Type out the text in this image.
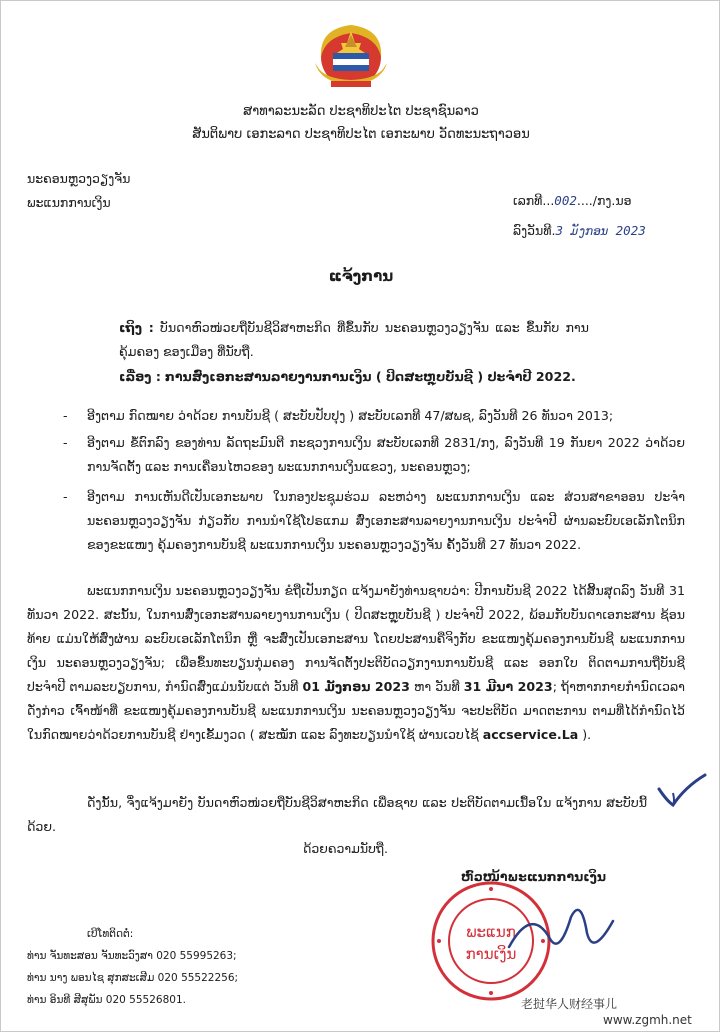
ສາທາລະນະລັດ ປະຊາທິປະໄຕ ປະຊາຊົນລາວ
ສັນຕິພາບ ເອກະລາດ ປະຊາທິປະໄຕ ເອກະພາບ ວັດທະນະຖາວອນ
ນະຄອນຫຼວງວຽງຈັນ
ພະແນກການເງິນ	ເລກທີ...002..../ກງ.ນອ
ລົງວັນທີ.3 ມັງກອນ 2023
ແຈ້ງການ
ເຖິງ : ບັນດາຫົວໜ່ວຍຖືບັນຊີວິສາຫະກິດ ທີ່ຂຶ້ນກັບ ນະຄອນຫຼວງວຽງຈັນ ແລະ ຂຶ້ນກັບ ການຄຸ້ມຄອງ ຂອງເມືອງ ທີ່ນັບຖື.
ເລື່ອງ : ການສົ່ງເອກະສານລາຍງານການເງິນ ( ປິດສະຫຼຸບບັນຊີ ) ປະຈຳປີ 2022.
-	ອີງຕາມ ກົດໝາຍ ວ່າດ້ວຍ ການບັນຊີ ( ສະບັບປັບປຸງ ) ສະບັບເລກທີ 47/ສພຊ, ລົງວັນທີ 26 ທັນວາ 2013;
-	ອີງຕາມ ຂໍ້ຕົກລົງ ຂອງທ່ານ ລັດຖະມົນຕີ ກະຊວງການເງິນ ສະບັບເລກທີ 2831/ກງ, ລົງວັນທີ 19 ກັນຍາ 2022 ວ່າດ້ວຍ ການຈັດຕັ້ງ ແລະ ການເຄື່ອນໄຫວຂອງ ພະແນກການເງິນແຂວງ, ນະຄອນຫຼວງ;
-	ອີງຕາມ ການເຫັນດີເປັນເອກະພາບ ໃນກອງປະຊຸມຮ່ວມ ລະຫວ່າງ ພະແນກການເງິນ ແລະ ສ່ວນສາຂາອອນ ປະຈຳ ນະຄອນຫຼວງວຽງຈັນ ກ່ຽວກັບ ການນຳໃຊ້ໂປຣແກມ ສົ່ງເອກະສານລາຍງານການເງິນ ປະຈຳປີ ຜ່ານລະບົບເອເລັກໂຕນິກ ຂອງຂະແໜງ ຄຸ້ມຄອງການບັນຊີ ພະແນກການເງິນ ນະຄອນຫຼວງວຽງຈັນ ຄັ້ງວັນທີ 27 ທັນວາ 2022.
ພະແນກການເງິນ ນະຄອນຫຼວງວຽງຈັນ ຂໍຖືເປັນກຽດ ແຈ້ງມາຍັງທ່ານຊາບວ່າ: ປີການບັນຊີ 2022 ໄດ້ສິ້ນສຸດລົງ ວັນທີ 31 ທັນວາ 2022. ສະນັ້ນ, ໃນການສົ່ງເອກະສານລາຍງານການເງິນ ( ປິດສະຫຼຸບບັນຊີ ) ປະຈຳປີ 2022, ພ້ອມກັບບັນດາເອກະສານ ຊ້ອນທ້າຍ ແມ່ນໃຫ້ສົ່ງຜ່ານ ລະບົບເອເລັກໂຕນິກ ຫຼື ຈະສົ່ງເປັນເອກະສານ ໂດຍປະສານຄືຈິງກັບ ຂະແໜງຄຸ້ມຄອງການບັນຊີ ພະແນກການເງິນ ນະຄອນຫຼວງວຽງຈັນ; ເພື່ອຂຶ້ນທະບຽນກຸ່ມຄອງ ການຈັດຕັ້ງປະຕິບັດວຽກງານການບັນຊີ ແລະ ອອກໃບ ຕິດຕາມການຖືບັນຊີ ປະຈຳປີ ຕາມລະບຽບການ, ກຳນົດສົ່ງແມ່ນນັບແຕ່ ວັນທີ 01 ມັງກອນ 2023 ຫາ ວັນທີ 31 ມີນາ 2023; ຖ້າຫາກກາຍກຳນົດເວລາດັ່ງກ່າວ ເຈົ້າໜ້າທີ່ ຂະແໜງຄຸ້ມຄອງການບັນຊີ ພະແນກການເງິນ ນະຄອນຫຼວງວຽງຈັນ ຈະປະຕິບັດ ມາດຕະການ ຕາມທີ່ໄດ້ກຳນົດໄວ້ ໃນກົດໝາຍວ່າດ້ວຍການບັນຊີ ຢ່າງເຂັ້ມງວດ ( ສະໝັກ ແລະ ລົງທະບຽນນຳໃຊ້ ຜ່ານເວບໄຊ້ accservice.La ).
ດັ່ງນັ້ນ, ຈຶ່ງແຈ້ງມາຍັງ ບັນດາຫົວໜ່ວຍຖືບັນຊີວິສາຫະກິດ ເພື່ອຊາບ ແລະ ປະຕິບັດຕາມເນື້ອໃນ ແຈ້ງການ ສະບັບນີ້ດ້ວຍ.
ດ້ວຍຄວາມນັບຖື.
ຫົວໜ້າພະແນກການເງິນ
ພະແນກ
ການເງິນ
ເບີໂທຕິດຕໍ່:
ທ່ານ ຈັນທະສອນ ຈັນທະວົງສາ 020 55995263;
ທ່ານ ນາງ ພອນໄຊ ສຸກສະເສີມ 020 55522256;
ທ່ານ ອິນທີ ສີສຸພັນ 020 55526801.	老挝华人财经事儿
www.zgmh.net
